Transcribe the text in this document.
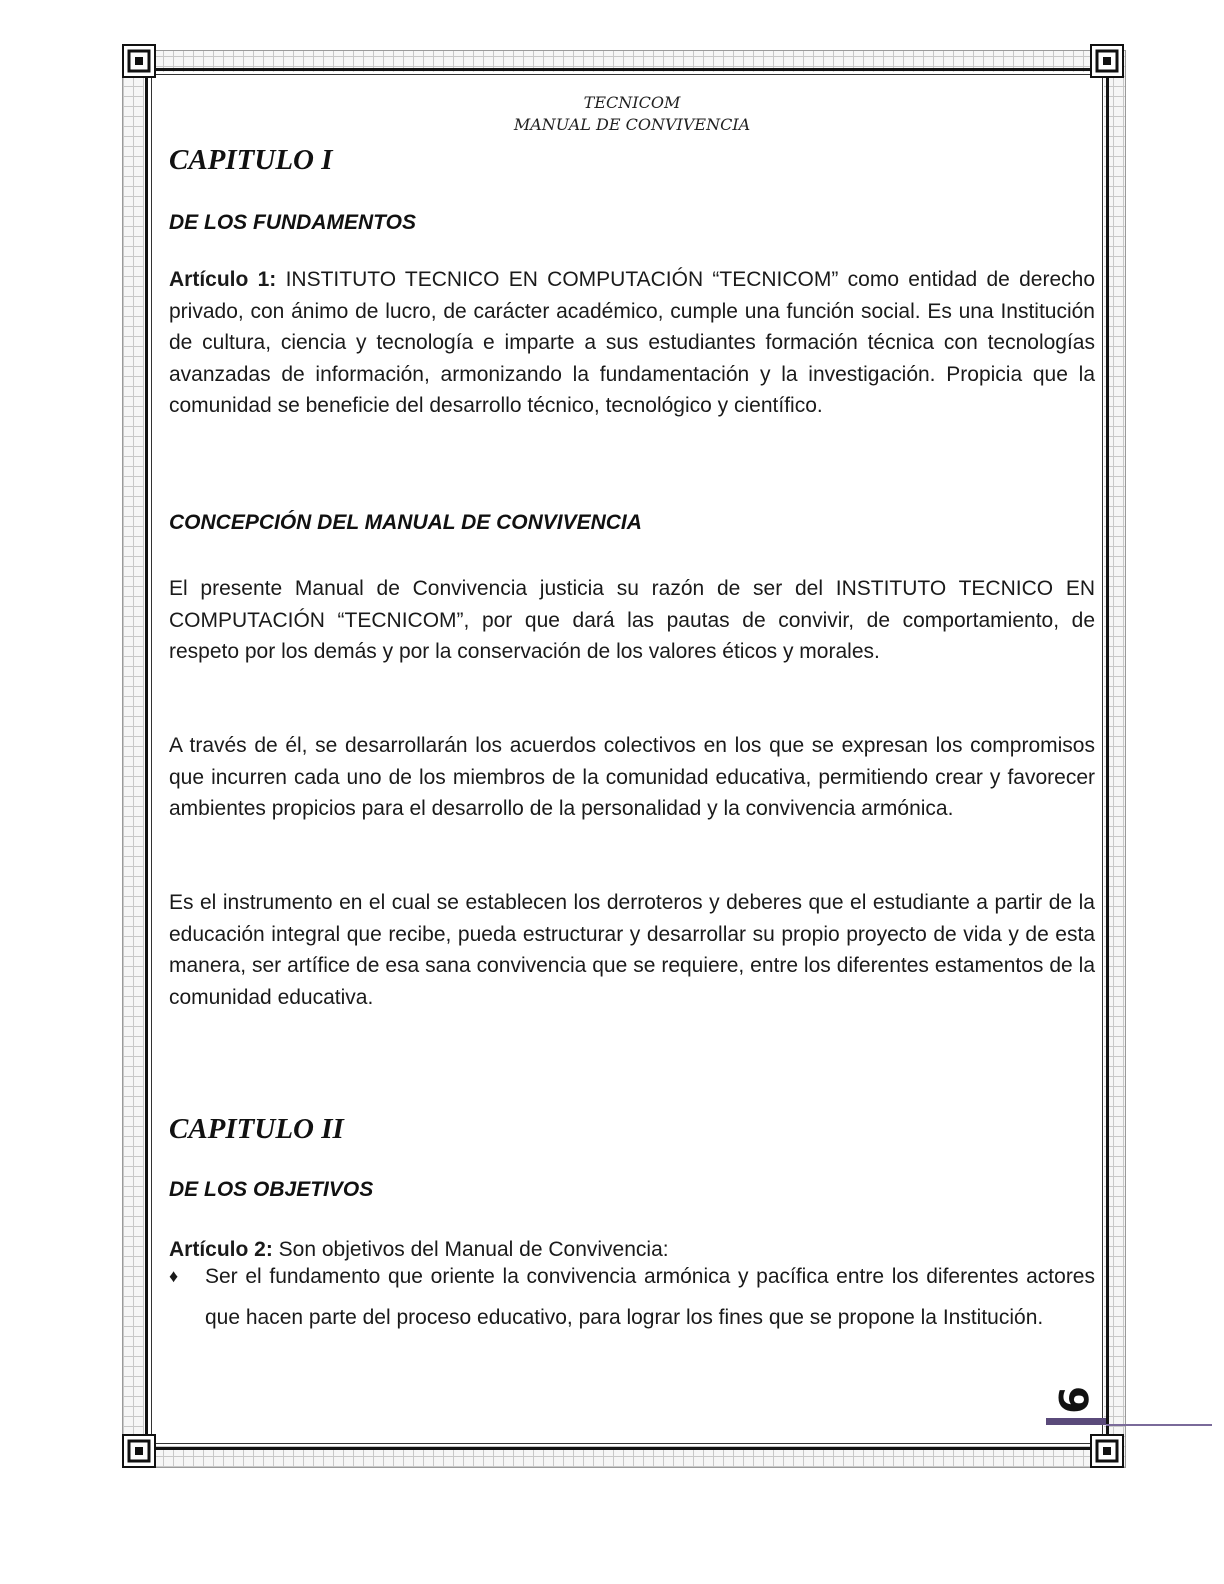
TECNICOM
MANUAL DE CONVIVENCIA
CAPITULO I
DE LOS FUNDAMENTOS

Artículo 1: INSTITUTO TECNICO EN COMPUTACIÓN “TECNICOM” como entidad de derecho privado, con ánimo de lucro, de carácter académico, cumple una función social. Es una Institución de cultura, ciencia y tecnología e imparte a sus estudiantes formación técnica con tecnologías avanzadas de información, armonizando la fundamentación y la investigación. Propicia que la comunidad se beneficie del desarrollo técnico, tecnológico y científico.

CONCEPCIÓN DEL MANUAL DE CONVIVENCIA

El presente Manual de Convivencia justicia su razón de ser del INSTITUTO TECNICO EN COMPUTACIÓN “TECNICOM”, por que dará las pautas de convivir, de comportamiento, de respeto por los demás y por la conservación de los valores éticos y morales.

A través de él, se desarrollarán los acuerdos colectivos en los que se expresan los compromisos que incurren cada uno de los miembros de la comunidad educativa, permitiendo crear y favorecer ambientes propicios para el desarrollo de la personalidad y la convivencia armónica.

Es el instrumento en el cual se establecen los derroteros y deberes que el estudiante a partir de la educación integral que recibe, pueda estructurar y desarrollar su propio proyecto de vida y de esta manera, ser artífice de esa sana convivencia que se requiere, entre los diferentes estamentos de la comunidad educativa.

CAPITULO II
DE LOS OBJETIVOS

Artículo 2: Son objetivos del Manual de Convivencia:

♦ Ser el fundamento que oriente la convivencia armónica y pacífica entre los diferentes actores que hacen parte del proceso educativo, para lograr los fines que se propone la Institución.
9
